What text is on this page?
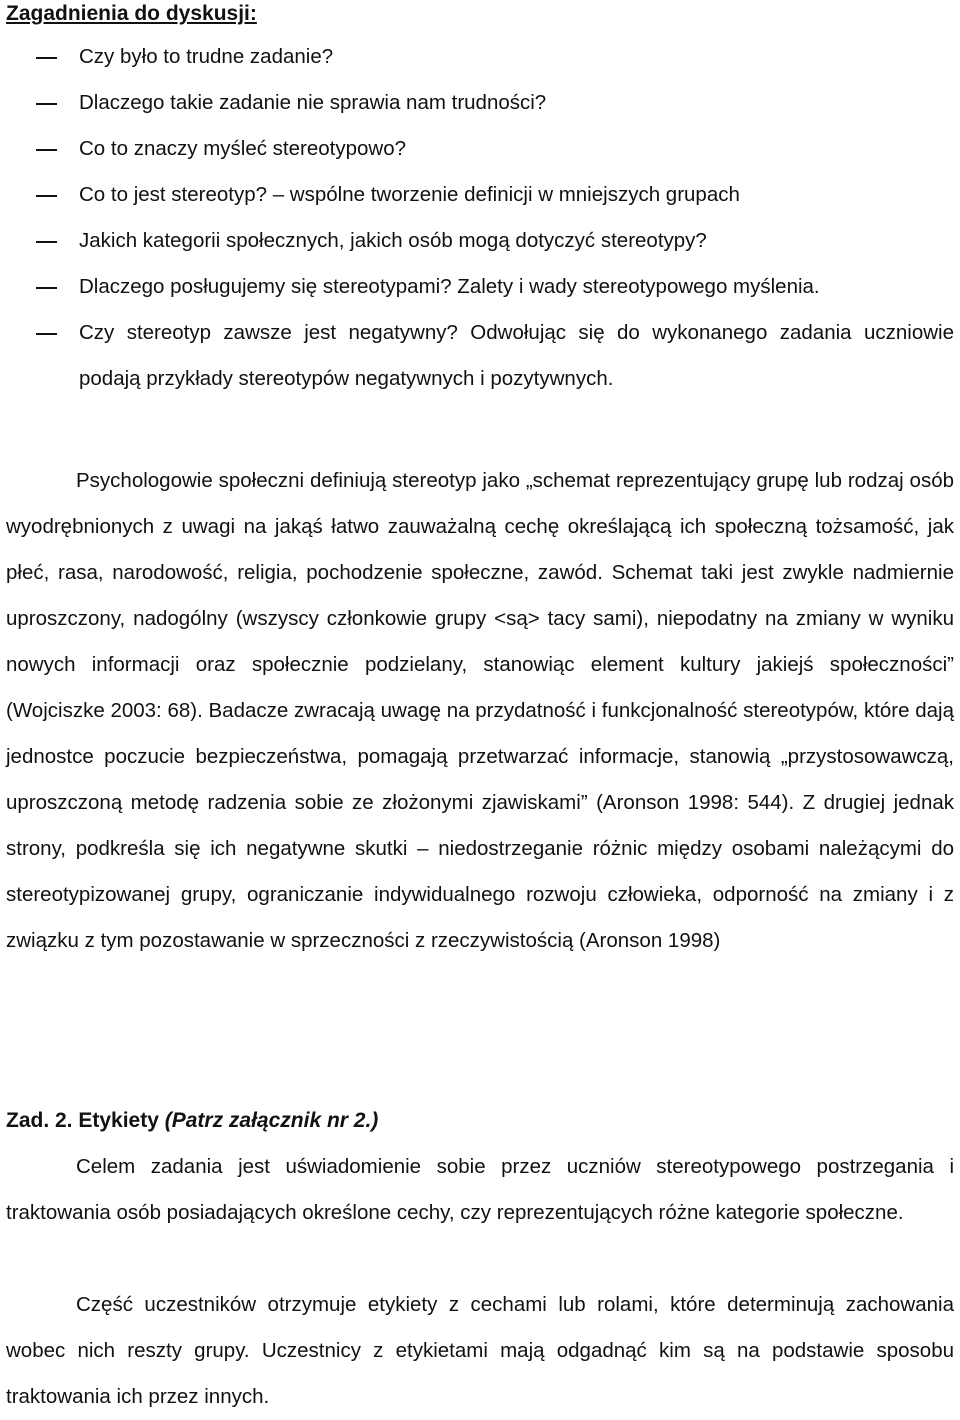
Zagadnienia do dyskusji:
Czy było to trudne zadanie?
Dlaczego takie zadanie nie sprawia nam trudności?
Co to znaczy myśleć stereotypowo?
Co to jest stereotyp? – wspólne tworzenie definicji w mniejszych grupach
Jakich kategorii społecznych, jakich osób mogą dotyczyć stereotypy?
Dlaczego posługujemy się stereotypami? Zalety i wady stereotypowego myślenia.
Czy stereotyp zawsze jest negatywny? Odwołując się do wykonanego zadania uczniowie podają przykłady stereotypów negatywnych i pozytywnych.

Psychologowie społeczni definiują stereotyp jako „schemat reprezentujący grupę lub rodzaj osób wyodrębnionych z uwagi na jakąś łatwo zauważalną cechę określającą ich społeczną tożsamość, jak płeć, rasa, narodowość, religia, pochodzenie społeczne, zawód. Schemat taki jest zwykle nadmiernie uproszczony, nadogólny (wszyscy członkowie grupy <są> tacy sami), niepodatny na zmiany w wyniku nowych informacji oraz społecznie podzielany, stanowiąc element kultury jakiejś społeczności” (Wojciszke 2003: 68). Badacze zwracają uwagę na przydatność i funkcjonalność stereotypów, które dają jednostce poczucie bezpieczeństwa, pomagają przetwarzać informacje, stanowią „przystosowawczą, uproszczoną metodę radzenia sobie ze złożonymi zjawiskami” (Aronson 1998: 544). Z drugiej jednak strony, podkreśla się ich negatywne skutki – niedostrzeganie różnic między osobami należącymi do stereotypizowanej grupy, ograniczanie indywidualnego rozwoju człowieka, odporność na zmiany i z związku z tym pozostawanie w sprzeczności z rzeczywistością (Aronson 1998)

Zad. 2. Etykiety (Patrz załącznik nr 2.)

Celem zadania jest uświadomienie sobie przez uczniów stereotypowego postrzegania i traktowania osób posiadających określone cechy, czy reprezentujących różne kategorie społeczne.

Część uczestników otrzymuje etykiety z cechami lub rolami, które determinują zachowania wobec nich reszty grupy. Uczestnicy z etykietami mają odgadnąć kim są na podstawie sposobu traktowania ich przez innych.
